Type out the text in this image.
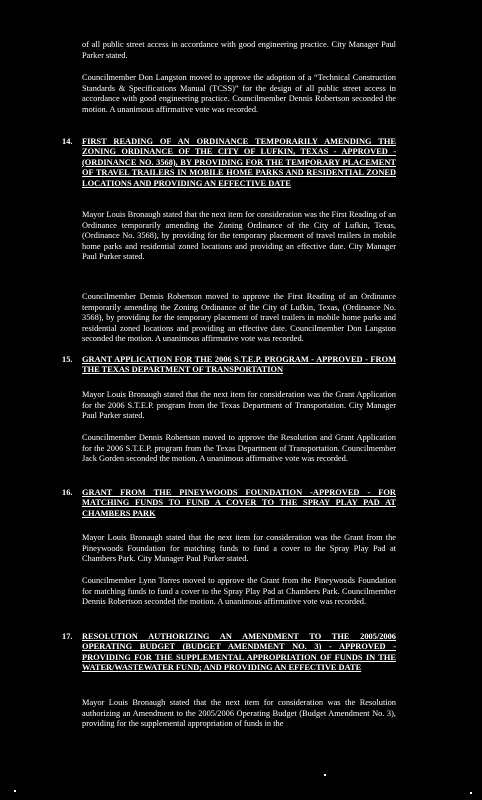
of all public street access in accordance with good engineering practice. City Manager Paul Parker stated.
Councilmember Don Langston moved to approve the adoption of a “Technical Construction Standards & Specifications Manual (TCSS)” for the design of all public street access in accordance with good engineering practice. Councilmember Dennis Robertson seconded the motion. A unanimous affirmative vote was recorded.
14. FIRST READING OF AN ORDINANCE TEMPORARILY AMENDING THE ZONING ORDINANCE OF THE CITY OF LUFKIN, TEXAS - APPROVED - (ORDINANCE NO. 3568), BY PROVIDING FOR THE TEMPORARY PLACEMENT OF TRAVEL TRAILERS IN MOBILE HOME PARKS AND RESIDENTIAL ZONED LOCATIONS AND PROVIDING AN EFFECTIVE DATE
Mayor Louis Bronaugh stated that the next item for consideration was the First Reading of an Ordinance temporarily amending the Zoning Ordinance of the City of Lufkin, Texas, (Ordinance No. 3568), by providing for the temporary placement of travel trailers in mobile home parks and residential zoned locations and providing an effective date. City Manager Paul Parker stated.
Councilmember Dennis Robertson moved to approve the First Reading of an Ordinance temporarily amending the Zoning Ordinance of the City of Lufkin, Texas, (Ordinance No. 3568), by providing for the temporary placement of travel trailers in mobile home parks and residential zoned locations and providing an effective date. Councilmember Don Langston seconded the motion. A unanimous affirmative vote was recorded.
15. GRANT APPLICATION FOR THE 2006 S.T.E.P. PROGRAM - APPROVED - FROM THE TEXAS DEPARTMENT OF TRANSPORTATION
Mayor Louis Bronaugh stated that the next item for consideration was the Grant Application for the 2006 S.T.E.P. program from the Texas Department of Transportation. City Manager Paul Parker stated.
Councilmember Dennis Robertson moved to approve the Resolution and Grant Application for the 2006 S.T.E.P. program from the Texas Department of Transportation. Councilmember Jack Gorden seconded the motion. A unanimous affirmative vote was recorded.
16. GRANT FROM THE PINEYWOODS FOUNDATION -APPROVED - FOR MATCHING FUNDS TO FUND A COVER TO THE SPRAY PLAY PAD AT CHAMBERS PARK
Mayor Louis Bronaugh stated that the next item for consideration was the Grant from the Pineywoods Foundation for matching funds to fund a cover to the Spray Play Pad at Chambers Park. City Manager Paul Parker stated.
Councilmember Lynn Torres moved to approve the Grant from the Pineywoods Foundation for matching funds to fund a cover to the Spray Play Pad at Chambers Park. Councilmember Dennis Robertson seconded the motion. A unanimous affirmative vote was recorded.
17. RESOLUTION AUTHORIZING AN AMENDMENT TO THE 2005/2006 OPERATING BUDGET (BUDGET AMENDMENT NO. 3) - APPROVED - PROVIDING FOR THE SUPPLEMENTAL APPROPRIATION OF FUNDS IN THE WATER/WASTEWATER FUND; AND PROVIDING AN EFFECTIVE DATE
Mayor Louis Bronaugh stated that the next item for consideration was the Resolution authorizing an Amendment to the 2005/2006 Operating Budget (Budget Amendment No. 3), providing for the supplemental appropriation of funds in the
